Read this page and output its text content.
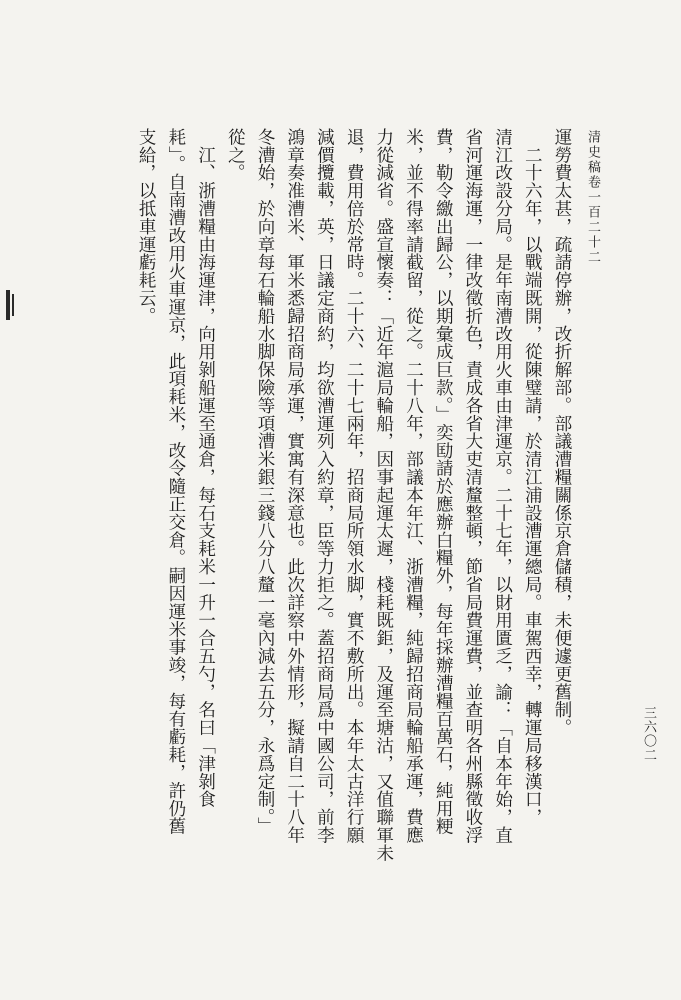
清史稿卷一百二十二
三六〇二
運勞費太甚，疏請停辦，改折解部。部議漕糧關係京倉儲積，未便遽更舊制。
　二十六年，以戰端既開，從陳璧請，於清江浦設漕運總局。車駕西幸，轉運局移漢口，
清江改設分局。是年南漕改用火車由津運京。二十七年，以財用匱乏，諭：「自本年始，直
省河運海運，一律改徵折色，責成各省大吏清釐整頓，節省局費運費，並查明各州縣徵收浮
費，勒令繳出歸公，以期彙成巨款。」奕劻請於應辦白糧外，每年採辦漕糧百萬石，純用粳
米，並不得率請截留，從之。二十八年，部議本年江、浙漕糧，純歸招商局輪船承運，費應
力從減省。盛宣懷奏：「近年滬局輪船，因事起運太遲，棧耗既鉅，及運至塘沽，又值聯軍未
退，費用倍於常時。二十六、二十七兩年，招商局所領水脚，實不敷所出。本年太古洋行願
減價攬載，英，日議定商約，均欲漕運列入約章，臣等力拒之。蓋招商局爲中國公司，前李
鴻章奏准漕米、軍米悉歸招商局承運，實寓有深意也。此次詳察中外情形，擬請自二十八年
冬漕始，於向章每石輪船水脚保險等項漕米銀三錢八分八釐一毫內減去五分，永爲定制。」
從之。
　江、浙漕糧由海運津，向用剝船運至通倉，每石支耗米一升一合五勺，名曰「津剝食
耗」。自南漕改用火車運京，此項耗米，改令隨正交倉。嗣因運米事竣，每有虧耗，許仍舊
支給，以抵車運虧耗云。
